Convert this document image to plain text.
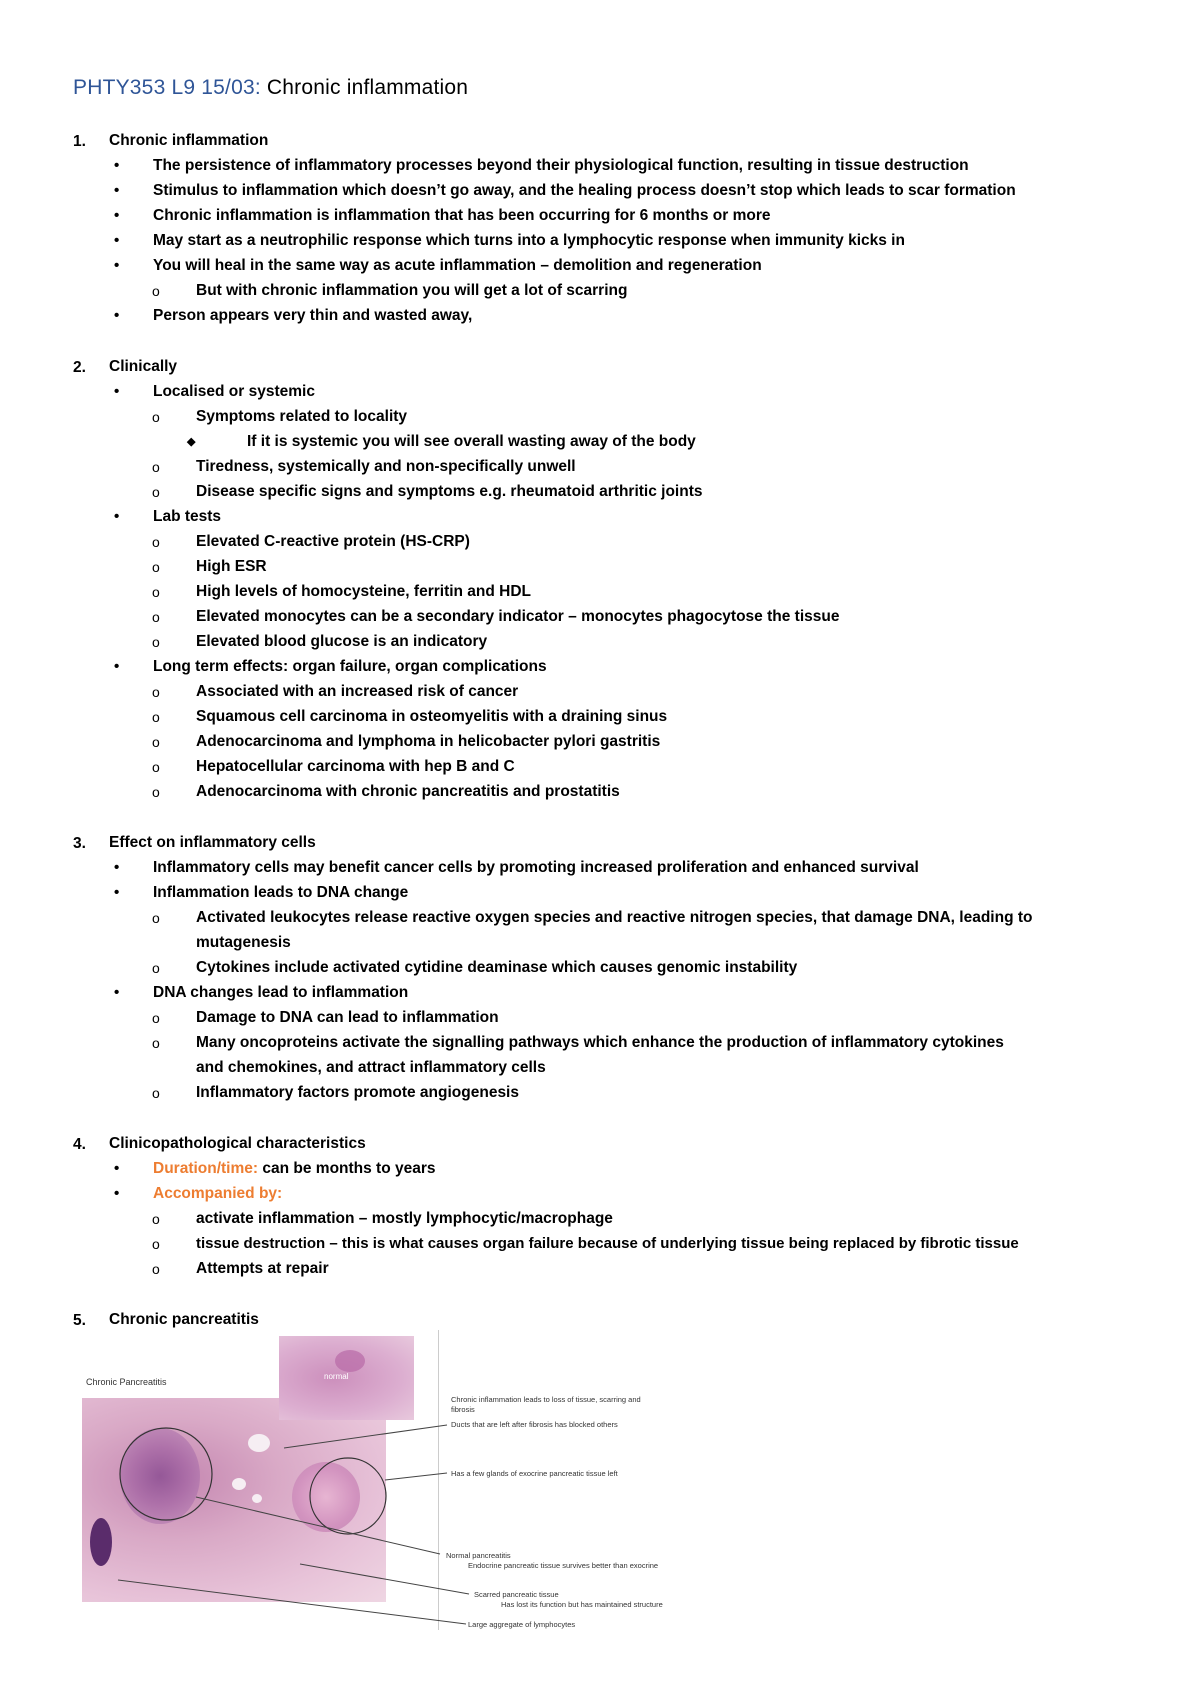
PHTY353 L9 15/03: Chronic inflammation
1. Chronic inflammation
• The persistence of inflammatory processes beyond their physiological function, resulting in tissue destruction
• Stimulus to inflammation which doesn’t go away, and the healing process doesn’t stop which leads to scar formation
• Chronic inflammation is inflammation that has been occurring for 6 months or more
• May start as a neutrophilic response which turns into a lymphocytic response when immunity kicks in
• You will heal in the same way as acute inflammation – demolition and regeneration
o But with chronic inflammation you will get a lot of scarring
• Person appears very thin and wasted away,
2. Clinically
• Localised or systemic
o Symptoms related to locality
◆	If it is systemic you will see overall wasting away of the body
o Tiredness, systemically and non-specifically unwell
o Disease specific signs and symptoms e.g. rheumatoid arthritic joints
• Lab tests
o Elevated C-reactive protein (HS-CRP)
o High ESR
o High levels of homocysteine, ferritin and HDL
o Elevated monocytes can be a secondary indicator – monocytes phagocytose the tissue
o Elevated blood glucose is an indicatory
• Long term effects: organ failure, organ complications
o Associated with an increased risk of cancer
o Squamous cell carcinoma in osteomyelitis with a draining sinus
o Adenocarcinoma and lymphoma in helicobacter pylori gastritis
o Hepatocellular carcinoma with hep B and C
o Adenocarcinoma with chronic pancreatitis and prostatitis
3. Effect on inflammatory cells
• Inflammatory cells may benefit cancer cells by promoting increased proliferation and enhanced survival
• Inflammation leads to DNA change
o Activated leukocytes release reactive oxygen species and reactive nitrogen species, that damage DNA, leading to
mutagenesis
o Cytokines include activated cytidine deaminase which causes genomic instability
• DNA changes lead to inflammation
o Damage to DNA can lead to inflammation
o Many oncoproteins activate the signalling pathways which enhance the production of inflammatory cytokines
and chemokines, and attract inflammatory cells
o Inflammatory factors promote angiogenesis
4. Clinicopathological characteristics
• Duration/time: can be months to years
• Accompanied by:
o activate inflammation – mostly lymphocytic/macrophage
o tissue destruction – this is what causes organ failure because of underlying tissue being replaced by fibrotic tissue
o Attempts at repair
5. Chronic pancreatitis
Chronic Pancreatitis
normal
Chronic inflammation leads to loss of tissue, scarring and fibrosis
Ducts that are left after fibrosis has blocked others
Has a few glands of exocrine pancreatic tissue left
Normal pancreatitis
Endocrine pancreatic tissue survives better than exocrine
Scarred pancreatic tissue
Has lost its function but has maintained structure
Large aggregate of lymphocytes
